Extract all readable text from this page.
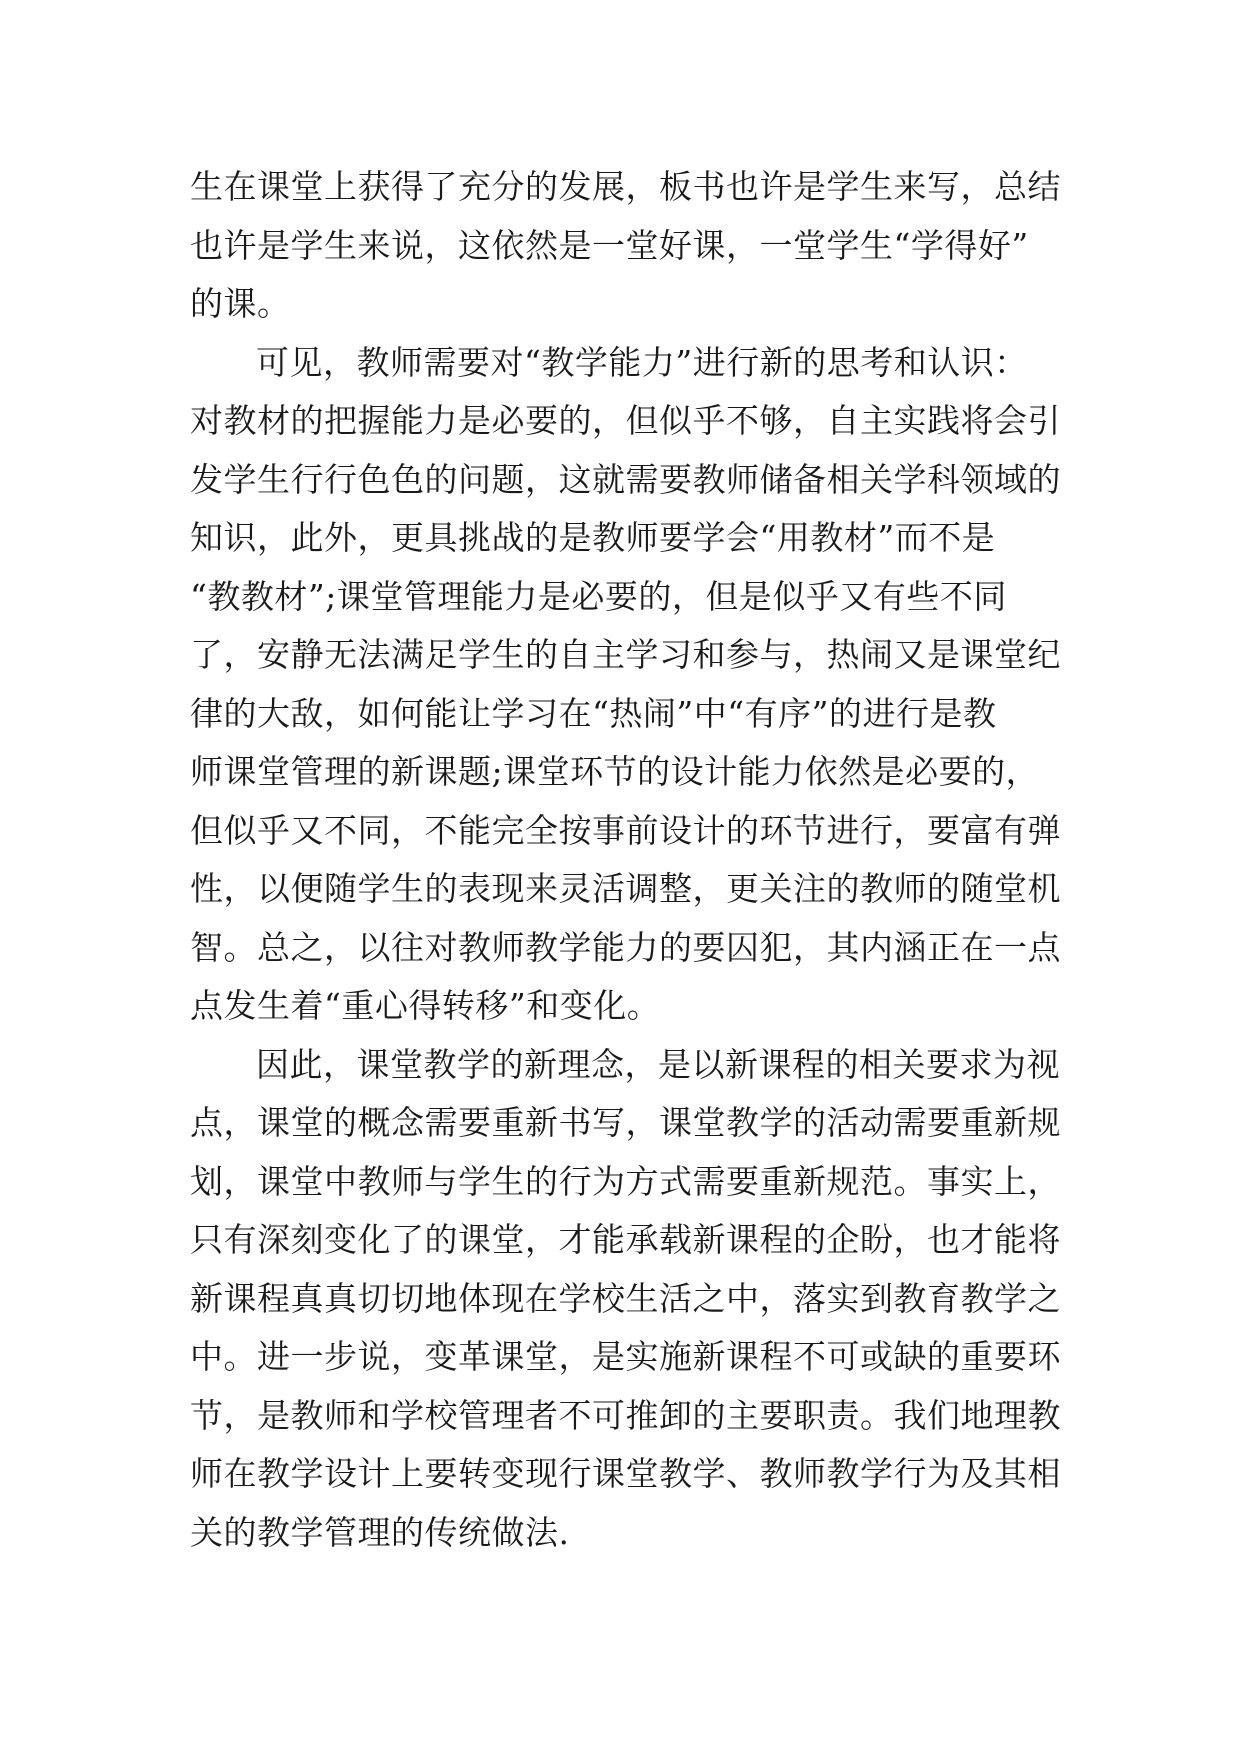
生在课堂上获得了充分的发展，板书也许是学生来写，总结
也许是学生来说，这依然是一堂好课，一堂学生“学得好”
的课。
可见，教师需要对“教学能力”进行新的思考和认识：
对教材的把握能力是必要的，但似乎不够，自主实践将会引
发学生行行色色的问题，这就需要教师储备相关学科领域的
知识，此外，更具挑战的是教师要学会“用教材”而不是
“教教材”;课堂管理能力是必要的，但是似乎又有些不同
了，安静无法满足学生的自主学习和参与，热闹又是课堂纪
律的大敌，如何能让学习在“热闹”中“有序”的进行是教
师课堂管理的新课题;课堂环节的设计能力依然是必要的，
但似乎又不同，不能完全按事前设计的环节进行，要富有弹
性，以便随学生的表现来灵活调整，更关注的教师的随堂机
智。总之，以往对教师教学能力的要囚犯，其内涵正在一点
点发生着“重心得转移”和变化。
因此，课堂教学的新理念，是以新课程的相关要求为视
点，课堂的概念需要重新书写，课堂教学的活动需要重新规
划，课堂中教师与学生的行为方式需要重新规范。事实上，
只有深刻变化了的课堂，才能承载新课程的企盼，也才能将
新课程真真切切地体现在学校生活之中，落实到教育教学之
中。进一步说，变革课堂，是实施新课程不可或缺的重要环
节，是教师和学校管理者不可推卸的主要职责。我们地理教
师在教学设计上要转变现行课堂教学、教师教学行为及其相
关的教学管理的传统做法.
